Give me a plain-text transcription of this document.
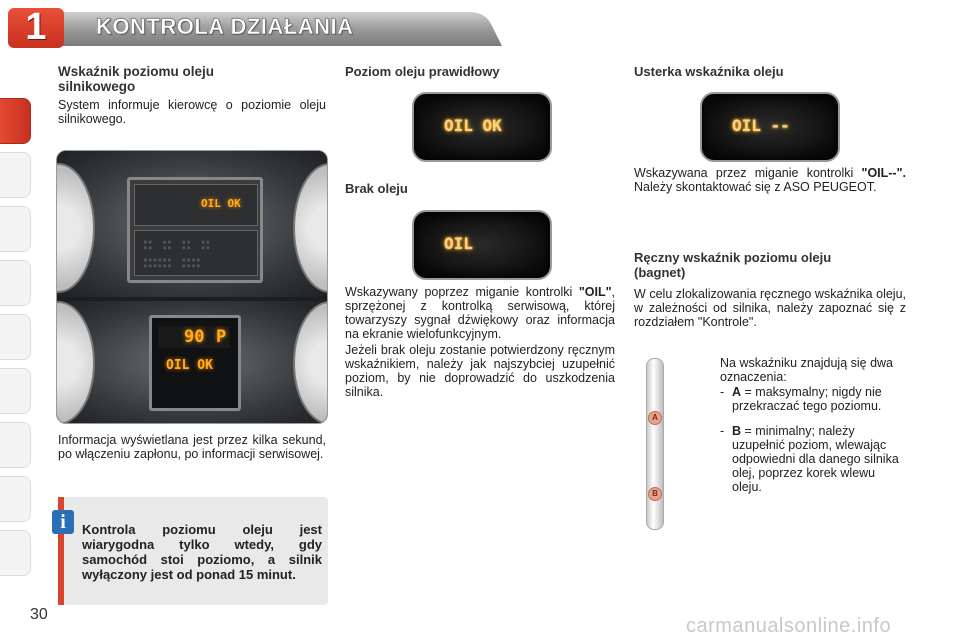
1	KONTROLA DZIAŁANIA
Wskaźnik poziomu oleju silnikowego
System informuje kierowcę o poziomie oleju silnikowego.
OIL OK
∷ ∷ ∷ ∷
∷∷∷ ∷∷
90 P
OIL OK
Informacja wyświetlana jest przez kilka sekund, po włączeniu zapłonu, po informacji serwisowej.
i	Kontrola poziomu oleju jest wiarygodna tylko wtedy, gdy samochód stoi poziomo, a silnik wyłączony jest od ponad 15 minut.
Poziom oleju prawidłowy
OIL OK
Brak oleju
OIL
Wskazywany poprzez miganie kontrolki "OIL", sprzężonej z kontrolką serwisową, której towarzyszy sygnał dźwiękowy oraz informacja na ekranie wielofunkcyjnym.
Jeżeli brak oleju zostanie potwierdzony ręcznym wskaźnikiem, należy jak najszybciej uzupełnić poziom, by nie doprowadzić do uszkodzenia silnika.
Usterka wskaźnika oleju
OIL --
Wskazywana przez miganie kontrolki "OIL--". Należy skontaktować się z ASO PEUGEOT.
Ręczny wskaźnik poziomu oleju (bagnet)
W celu zlokalizowania ręcznego wskaźnika oleju, w zależności od silnika, należy zapoznać się z rozdziałem "Kontrole".
A
B
Na wskaźniku znajdują się dwa oznaczenia:
- A = maksymalny; nigdy nie przekraczać tego poziomu.
- B = minimalny; należy uzupełnić poziom, wlewając odpowiedni dla danego silnika olej, poprzez korek wlewu oleju.
30
carmanualsonline.info
